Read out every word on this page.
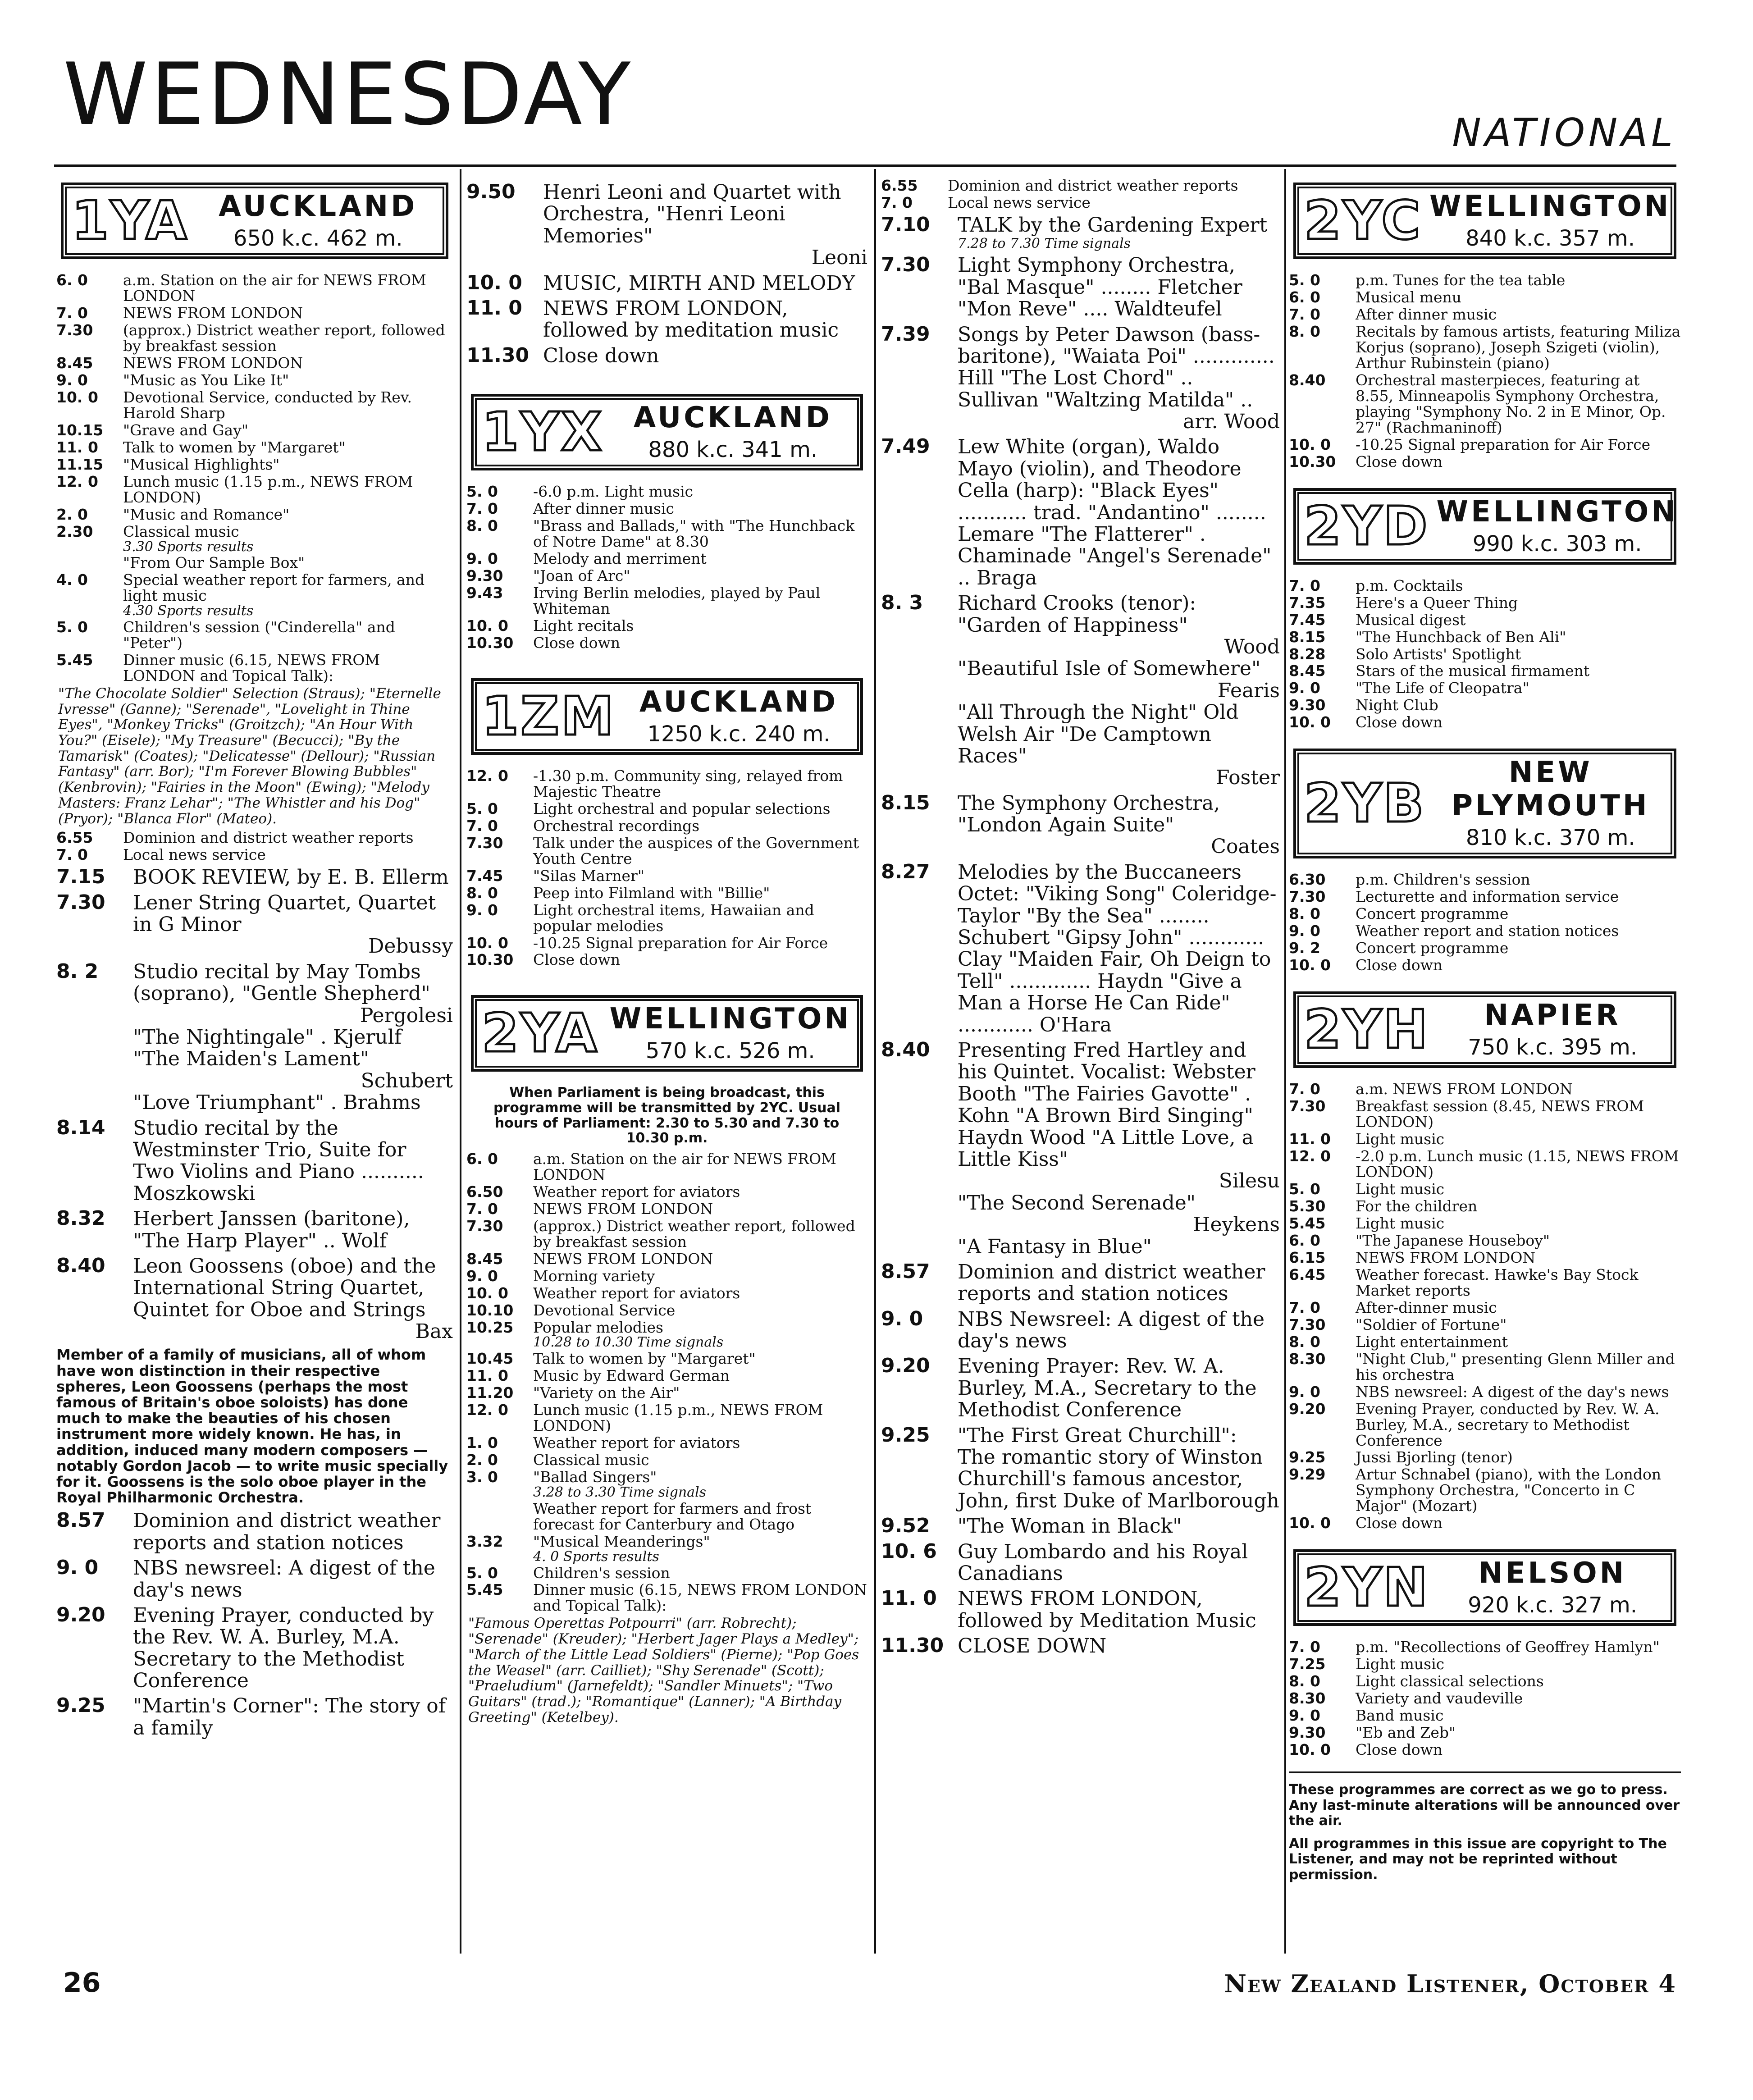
WEDNESDAY	NATIONAL
1YA	AUCKLAND
650 k.c. 462 m.
6. 0	a.m. Station on the air for NEWS FROM LONDON
7. 0	NEWS FROM LONDON
7.30	(approx.) District weather report, followed by breakfast session
8.45	NEWS FROM LONDON
9. 0	"Music as You Like It"
10. 0	Devotional Service, conducted by Rev. Harold Sharp
10.15	"Grave and Gay"
11. 0	Talk to women by "Margaret"
11.15	"Musical Highlights"
12. 0	Lunch music (1.15 p.m., NEWS FROM LONDON)
2. 0	"Music and Romance"
2.30	Classical music
3.30 Sports results
"From Our Sample Box"
4. 0	Special weather report for farmers, and light music
4.30 Sports results
5. 0	Children's session ("Cinderella" and "Peter")
5.45	Dinner music (6.15, NEWS FROM LONDON and Topical Talk):
"The Chocolate Soldier" Selection (Straus); "Eternelle Ivresse" (Ganne); "Serenade", "Lovelight in Thine Eyes", "Monkey Tricks" (Groitzch); "An Hour With You?" (Eisele); "My Treasure" (Becucci); "By the Tamarisk" (Coates); "Delicatesse" (Dellour); "Russian Fantasy" (arr. Bor); "I'm Forever Blowing Bubbles" (Kenbrovin); "Fairies in the Moon" (Ewing); "Melody Masters: Franz Lehar"; "The Whistler and his Dog" (Pryor); "Blanca Flor" (Mateo).
6.55	Dominion and district weather reports
7. 0	Local news service
7.15	BOOK REVIEW, by E. B. Ellerm
7.30	Lener String Quartet, Quartet in G Minor
Debussy
8. 2	Studio recital by May Tombs (soprano), "Gentle Shepherd"
Pergolesi
"The Nightingale" . Kjerulf "The Maiden's Lament"
Schubert
"Love Triumphant" . Brahms
8.14	Studio recital by the Westminster Trio, Suite for Two Violins and Piano .......... Moszkowski
8.32	Herbert Janssen (baritone), "The Harp Player" .. Wolf
8.40	Leon Goossens (oboe) and the International String Quartet, Quintet for Oboe and Strings
Bax
Member of a family of musicians, all of whom have won distinction in their respective spheres, Leon Goossens (perhaps the most famous of Britain's oboe soloists) has done much to make the beauties of his chosen instrument more widely known. He has, in addition, induced many modern composers — notably Gordon Jacob — to write music specially for it. Goossens is the solo oboe player in the Royal Philharmonic Orchestra.
8.57	Dominion and district weather reports and station notices
9. 0	NBS newsreel: A digest of the day's news
9.20	Evening Prayer, conducted by the Rev. W. A. Burley, M.A. Secretary to the Methodist Conference
9.25	"Martin's Corner": The story of a family
9.50	Henri Leoni and Quartet with Orchestra, "Henri Leoni Memories"
Leoni
10. 0	MUSIC, MIRTH AND MELODY
11. 0	NEWS FROM LONDON, followed by meditation music
11.30 Close down
1YX	AUCKLAND
880 k.c. 341 m.
5. 0	-6.0 p.m. Light music
7. 0	After dinner music
8. 0	"Brass and Ballads," with "The Hunchback of Notre Dame" at 8.30
9. 0	Melody and merriment
9.30	"Joan of Arc"
9.43	Irving Berlin melodies, played by Paul Whiteman
10. 0	Light recitals
10.30	Close down
1ZM AUCKLAND
1250 k.c. 240 m.
12. 0	-1.30 p.m. Community sing, relayed from Majestic Theatre
5. 0	Light orchestral and popular selections
7. 0	Orchestral recordings
7.30	Talk under the auspices of the Government Youth Centre
7.45	"Silas Marner"
8. 0	Peep into Filmland with "Billie"
9. 0	Light orchestral items, Hawaiian and popular melodies
10. 0	-10.25 Signal preparation for Air Force
10.30	Close down
2YA WELLINGTON
570 k.c. 526 m.
When Parliament is being broadcast, this programme will be transmitted by 2YC. Usual hours of Parliament: 2.30 to 5.30 and 7.30 to 10.30 p.m.
6. 0	a.m. Station on the air for NEWS FROM LONDON
6.50	Weather report for aviators
7. 0	NEWS FROM LONDON
7.30	(approx.) District weather report, followed by breakfast session
8.45	NEWS FROM LONDON
9. 0	Morning variety
10. 0	Weather report for aviators
10.10	Devotional Service
10.25	Popular melodies
10.28 to 10.30 Time signals
10.45	Talk to women by "Margaret"
11. 0	Music by Edward German
11.20	"Variety on the Air"
12. 0	Lunch music (1.15 p.m., NEWS FROM LONDON)
1. 0	Weather report for aviators
2. 0	Classical music
3. 0	"Ballad Singers"
3.28 to 3.30 Time signals
Weather report for farmers and frost forecast for Canterbury and Otago
3.32	"Musical Meanderings"
4. 0 Sports results
5. 0	Children's session
5.45	Dinner music (6.15, NEWS FROM LONDON and Topical Talk):
"Famous Operettas Potpourri" (arr. Robrecht); "Serenade" (Kreuder); "Herbert Jager Plays a Medley"; "March of the Little Lead Soldiers" (Pierne); "Pop Goes the Weasel" (arr. Cailliet); "Shy Serenade" (Scott); "Praeludium" (Jarnefeldt); "Sandler Minuets"; "Two Guitars" (trad.); "Romantique" (Lanner); "A Birthday Greeting" (Ketelbey).
6.55	Dominion and district weather reports
7. 0	Local news service
7.10	TALK by the Gardening Expert
7.28 to 7.30 Time signals
7.30	Light Symphony Orchestra, "Bal Masque" ........ Fletcher "Mon Reve" .... Waldteufel
7.39	Songs by Peter Dawson (bass-baritone), "Waiata Poi" ............. Hill "The Lost Chord" .. Sullivan "Waltzing Matilda" ..
arr. Wood
7.49	Lew White (organ), Waldo Mayo (violin), and Theodore Cella (harp): "Black Eyes" ........... trad. "Andantino" ........ Lemare "The Flatterer" . Chaminade "Angel's Serenade" .. Braga
8. 3	Richard Crooks (tenor): "Garden of Happiness"
Wood
"Beautiful Isle of Somewhere"
Fearis
"All Through the Night" Old Welsh Air "De Camptown Races"
Foster
8.15	The Symphony Orchestra, "London Again Suite"
Coates
8.27	Melodies by the Buccaneers Octet: "Viking Song" Coleridge-Taylor "By the Sea" ........ Schubert "Gipsy John" ............ Clay "Maiden Fair, Oh Deign to Tell" ............. Haydn "Give a Man a Horse He Can Ride" ............ O'Hara
8.40	Presenting Fred Hartley and his Quintet. Vocalist: Webster Booth "The Fairies Gavotte" . Kohn "A Brown Bird Singing" Haydn Wood "A Little Love, a Little Kiss"
Silesu
"The Second Serenade"
Heykens
"A Fantasy in Blue"
8.57	Dominion and district weather reports and station notices
9. 0	NBS Newsreel: A digest of the day's news
9.20	Evening Prayer: Rev. W. A. Burley, M.A., Secretary to the Methodist Conference
9.25	"The First Great Churchill": The romantic story of Winston Churchill's famous ancestor, John, first Duke of Marlborough
9.52	"The Woman in Black"
10. 6	Guy Lombardo and his Royal Canadians
11. 0	NEWS FROM LONDON, followed by Meditation Music
11.30 CLOSE DOWN
2YC WELLINGTON
840 k.c. 357 m.
5. 0	p.m. Tunes for the tea table
6. 0	Musical menu
7. 0	After dinner music
8. 0	Recitals by famous artists, featuring Miliza Korjus (soprano), Joseph Szigeti (violin), Arthur Rubinstein (piano)
8.40	Orchestral masterpieces, featuring at 8.55, Minneapolis Symphony Orchestra, playing "Symphony No. 2 in E Minor, Op. 27" (Rachmaninoff)
10. 0	-10.25 Signal preparation for Air Force
10.30	Close down
2YD WELLINGTON
990 k.c. 303 m.
7. 0	p.m. Cocktails
7.35	Here's a Queer Thing
7.45	Musical digest
8.15	"The Hunchback of Ben Ali"
8.28	Solo Artists' Spotlight
8.45	Stars of the musical firmament
9. 0	"The Life of Cleopatra"
9.30	Night Club
10. 0	Close down
2YB	NEW PLYMOUTH
810 k.c. 370 m.
6.30	p.m. Children's session
7.30	Lecturette and information service
8. 0	Concert programme
9. 0	Weather report and station notices
9. 2	Concert programme
10. 0	Close down
2YH	NAPIER
750 k.c. 395 m.
7. 0	a.m. NEWS FROM LONDON
7.30	Breakfast session (8.45, NEWS FROM LONDON)
11. 0	Light music
12. 0	-2.0 p.m. Lunch music (1.15, NEWS FROM LONDON)
5. 0	Light music
5.30	For the children
5.45	Light music
6. 0	"The Japanese Houseboy"
6.15	NEWS FROM LONDON
6.45	Weather forecast. Hawke's Bay Stock Market reports
7. 0	After-dinner music
7.30	"Soldier of Fortune"
8. 0	Light entertainment
8.30	"Night Club," presenting Glenn Miller and his orchestra
9. 0	NBS newsreel: A digest of the day's news
9.20	Evening Prayer, conducted by Rev. W. A. Burley, M.A., secretary to Methodist Conference
9.25	Jussi Bjorling (tenor)
9.29	Artur Schnabel (piano), with the London Symphony Orchestra, "Concerto in C Major" (Mozart)
10. 0	Close down
2YN	NELSON
920 k.c. 327 m.
7. 0	p.m. "Recollections of Geoffrey Hamlyn"
7.25	Light music
8. 0	Light classical selections
8.30	Variety and vaudeville
9. 0	Band music
9.30	"Eb and Zeb"
10. 0	Close down

These programmes are correct as we go to press. Any last-minute alterations will be announced over the air.

All programmes in this issue are copyright to The Listener, and may not be reprinted without permission.

26	New Zealand Listener, October 4
